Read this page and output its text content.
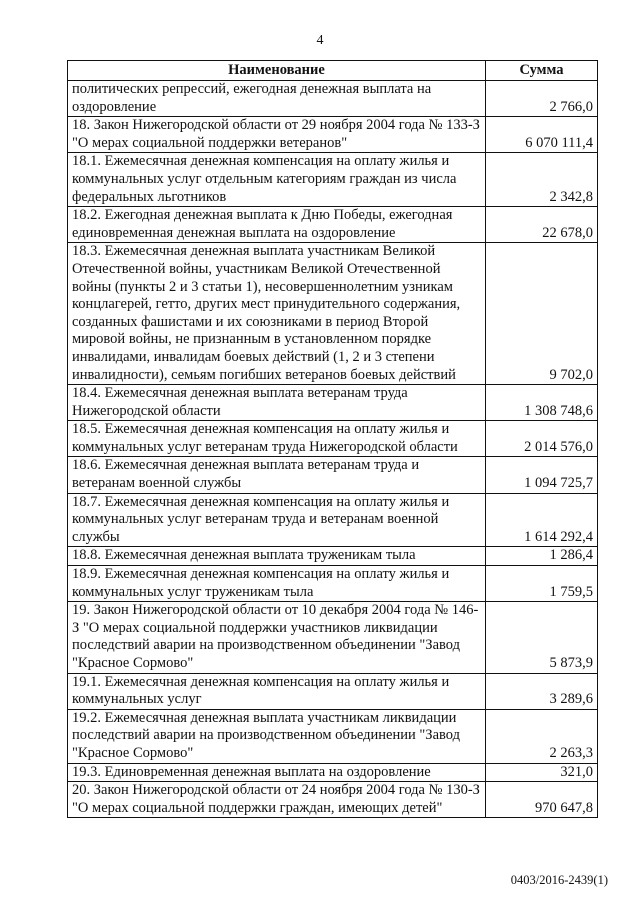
4
Наименование	Сумма
политических репрессий, ежегодная денежная выплата на оздоровление	2 766,0
18. Закон Нижегородской области от 29 ноября 2004 года № 133-З "О мерах социальной поддержки ветеранов"	6 070 111,4
18.1. Ежемесячная денежная компенсация на оплату жилья и коммунальных услуг отдельным категориям граждан из числа федеральных льготников	2 342,8
18.2. Ежегодная денежная выплата к Дню Победы, ежегодная единовременная денежная выплата на оздоровление	22 678,0
18.3. Ежемесячная денежная выплата участникам Великой Отечественной войны, участникам Великой Отечественной войны (пункты 2 и 3 статьи 1), несовершеннолетним узникам концлагерей, гетто, других мест принудительного содержания, созданных фашистами и их союзниками в период Второй мировой войны, не признанным в установленном порядке инвалидами, инвалидам боевых действий (1, 2 и 3 степени инвалидности), семьям погибших ветеранов боевых действий	9 702,0
18.4. Ежемесячная денежная выплата ветеранам труда Нижегородской области	1 308 748,6
18.5. Ежемесячная денежная компенсация на оплату жилья и коммунальных услуг ветеранам труда Нижегородской области	2 014 576,0
18.6. Ежемесячная денежная выплата ветеранам труда и ветеранам военной службы	1 094 725,7
18.7. Ежемесячная денежная компенсация на оплату жилья и коммунальных услуг ветеранам труда и ветеранам военной службы	1 614 292,4
18.8. Ежемесячная денежная выплата труженикам тыла	1 286,4
18.9. Ежемесячная денежная компенсация на оплату жилья и коммунальных услуг труженикам тыла	1 759,5
19. Закон Нижегородской области от 10 декабря 2004 года № 146-З "О мерах социальной поддержки участников ликвидации последствий аварии на производственном объединении "Завод "Красное Сормово"	5 873,9
19.1. Ежемесячная денежная компенсация на оплату жилья и коммунальных услуг	3 289,6
19.2. Ежемесячная денежная выплата участникам ликвидации последствий аварии на производственном объединении "Завод "Красное Сормово"	2 263,3
19.3. Единовременная денежная выплата на оздоровление	321,0
20. Закон Нижегородской области от 24 ноября 2004 года № 130-З "О мерах социальной поддержки граждан, имеющих детей"	970 647,8
0403/2016-2439(1)
